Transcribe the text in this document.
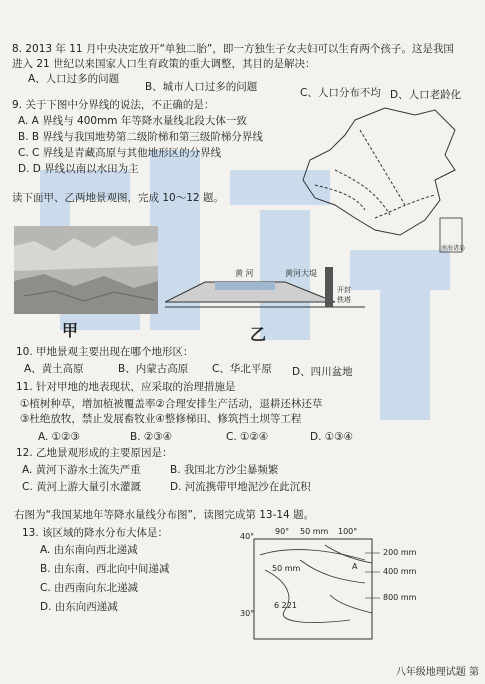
8. 2013 年 11 月中央决定放开“单独二胎”，即一方独生子女夫妇可以生育两个孩子。这是我国
进入 21 世纪以来国家人口生育政策的重大调整，其目的是解决：
A、人口过多的问题
B、城市人口过多的问题	C、人口分布不均 D、人口老龄化
9. 关于下图中分界线的说法，不正确的是：
A. A 界线与 400mm 年等降水量线北段大体一致
B. B 界线与我国地势第二级阶梯和第三级阶梯分界线
C. C 界线是青藏高原与其他地形区的分界线
D. D 界线以南以水田为主
南海诸岛
读下面甲、乙两地景观图，完成 10～12 题。
甲
黄 河	黄河大堤
开封
铁塔
乙
10. 甲地景观主要出现在哪个地形区：
A、黄土高原	B、内蒙古高原 C、华北平原 D、四川盆地
11. 针对甲地的地表现状，应采取的治理措施是
①植树种草，增加植被覆盖率②合理安排生产活动，退耕还林还草
③杜绝放牧，禁止发展畜牧业④整修梯田、修筑挡土坝等工程
A. ①②③	B. ②③④	C. ①②④	D. ①③④
12. 乙地景观形成的主要原因是：
A. 黄河下游水土流失严重	B. 我国北方沙尘暴频繁
C. 黄河上游大量引水灌溉	D. 河流携带甲地泥沙在此沉积
右图为“我国某地年等降水量线分布图”，读图完成第 13-14 题。
13. 该区域的降水分布大体是：
A. 由东南向西北递减
B. 由东南、西北向中间递减
C. 由西南向东北递减
D. 由东向西递减
90° 50 mm 100°
40°
30°
50 mm	A
6 221
200 mm
400 mm
800 mm
八年级地理试题 第
